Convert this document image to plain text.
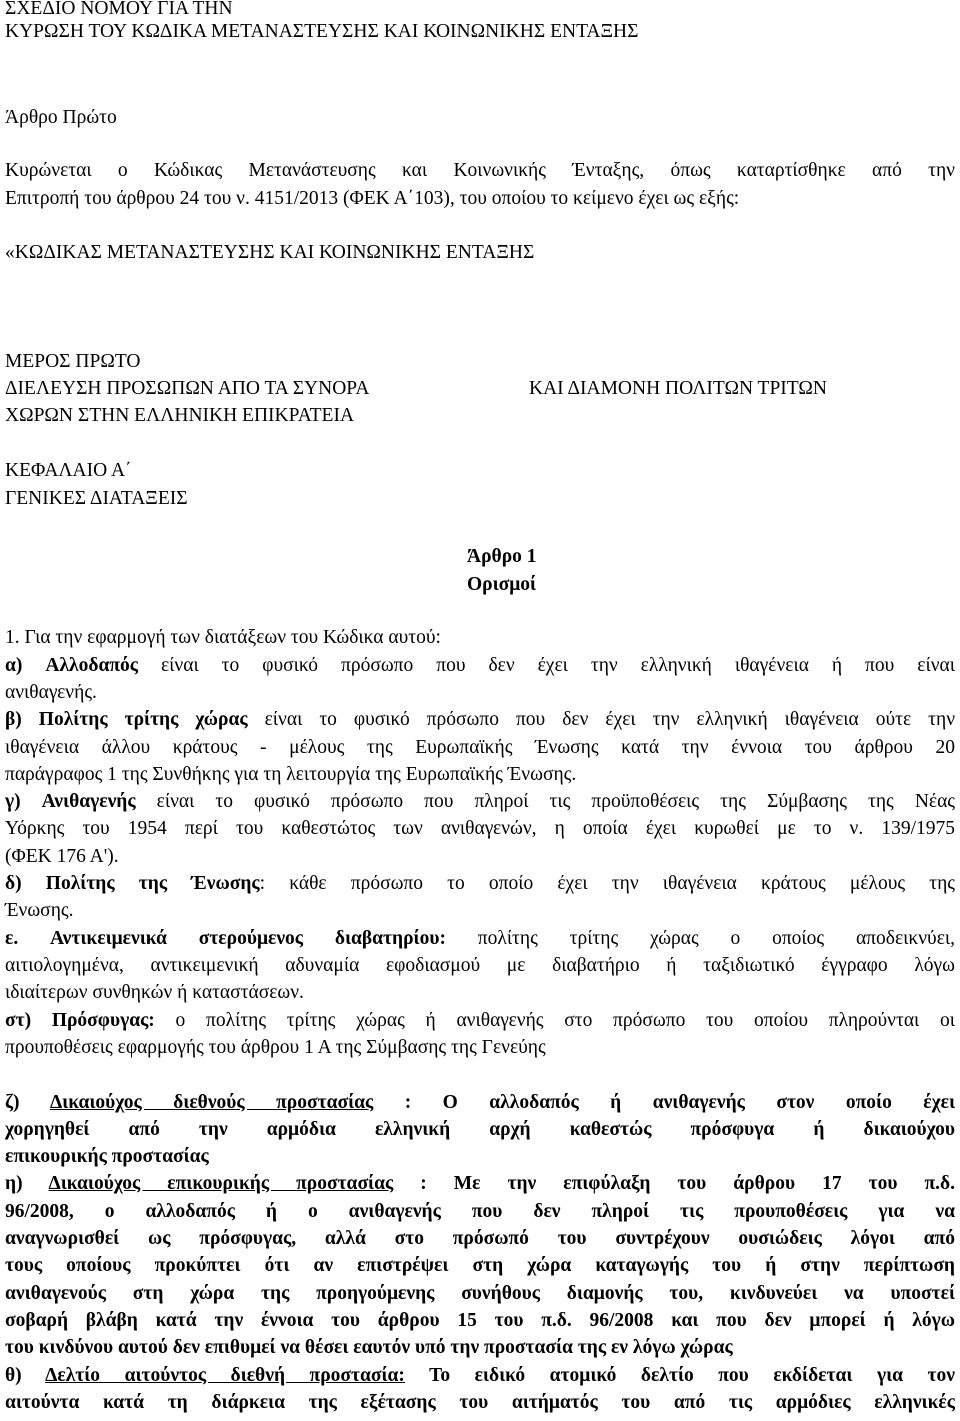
ΣΧΕΔΙΟ ΝΟΜΟΥ ΓΙΑ ΤΗΝ
ΚΥΡΩΣΗ ΤΟΥ ΚΩΔΙΚΑ ΜΕΤΑΝΑΣΤΕΥΣΗΣ ΚΑΙ ΚΟΙΝΩΝΙΚΗΣ ΕΝΤΑΞΗΣ
Άρθρο Πρώτο
Κυρώνεται ο Κώδικας Μετανάστευσης και Κοινωνικής Ένταξης, όπως καταρτίσθηκε από την
Επιτροπή του άρθρου 24 του ν. 4151/2013 (ΦΕΚ Α΄103), του οποίου το κείμενο έχει ως εξής:
«ΚΩΔΙΚΑΣ ΜΕΤΑΝΑΣΤΕΥΣΗΣ ΚΑΙ ΚΟΙΝΩΝΙΚΗΣ ΕΝΤΑΞΗΣ
ΜΕΡΟΣ ΠΡΩΤΟ
ΔΙΕΛΕΥΣΗ ΠΡΟΣΩΠΩΝ ΑΠΟ ΤΑ ΣΥΝΟΡΑ	ΚΑΙ ΔΙΑΜΟΝΗ ΠΟΛΙΤΩΝ ΤΡΙΤΩΝ
ΧΩΡΩΝ ΣΤΗΝ ΕΛΛΗΝΙΚΗ ΕΠΙΚΡΑΤΕΙΑ
ΚΕΦΑΛΑΙΟ Α΄
ΓΕΝΙΚΕΣ ΔΙΑΤΑΞΕΙΣ
Άρθρο 1
Ορισμοί
1. Για την εφαρμογή των διατάξεων του Κώδικα αυτού:
α) Αλλοδαπός είναι το φυσικό πρόσωπο που δεν έχει την ελληνική ιθαγένεια ή που είναι
ανιθαγενής.
β) Πολίτης τρίτης χώρας είναι το φυσικό πρόσωπο που δεν έχει την ελληνική ιθαγένεια ούτε την
ιθαγένεια άλλου κράτους - μέλους της Ευρωπαϊκής Ένωσης κατά την έννοια του άρθρου 20
παράγραφος 1 της Συνθήκης για τη λειτουργία της Ευρωπαϊκής Ένωσης.
γ) Ανιθαγενής είναι το φυσικό πρόσωπο που πληροί τις προϋποθέσεις της Σύμβασης της Νέας
Υόρκης του 1954 περί του καθεστώτος των ανιθαγενών, η οποία έχει κυρωθεί με το ν. 139/1975
(ΦΕΚ 176 Α').
δ) Πολίτης της Ένωσης: κάθε πρόσωπο το οποίο έχει την ιθαγένεια κράτους μέλους της
Ένωσης.
ε. Αντικειμενικά στερούμενος διαβατηρίου: πολίτης τρίτης χώρας ο οποίος αποδεικνύει,
αιτιολογημένα, αντικειμενική αδυναμία εφοδιασμού με διαβατήριο ή ταξιδιωτικό έγγραφο λόγω
ιδιαίτερων συνθηκών ή καταστάσεων.
στ) Πρόσφυγας: ο πολίτης τρίτης χώρας ή ανιθαγενής στο πρόσωπο του οποίου πληρούνται οι
προυποθέσεις εφαρμογής του άρθρου 1 Α της Σύμβασης της Γενεύης
ζ) Δικαιούχος διεθνούς προστασίας : Ο αλλοδαπός ή ανιθαγενής στον οποίο έχει
χορηγηθεί από την αρμόδια ελληνική αρχή καθεστώς πρόσφυγα ή δικαιούχου
επικουρικής προστασίας
η) Δικαιούχος επικουρικής προστασίας : Με την επιφύλαξη του άρθρου 17 του π.δ.
96/2008, ο αλλοδαπός ή ο ανιθαγενής που δεν πληροί τις προυποθέσεις για να
αναγνωρισθεί ως πρόσφυγας, αλλά στο πρόσωπό του συντρέχουν ουσιώδεις λόγοι από
τους οποίους προκύπτει ότι αν επιστρέψει στη χώρα καταγωγής του ή στην περίπτωση
ανιθαγενούς στη χώρα της προηγούμενης συνήθους διαμονής του, κινδυνεύει να υποστεί
σοβαρή βλάβη κατά την έννοια του άρθρου 15 του π.δ. 96/2008 και που δεν μπορεί ή λόγω
του κινδύνου αυτού δεν επιθυμεί να θέσει εαυτόν υπό την προστασία της εν λόγω χώρας
θ) Δελτίο αιτούντος διεθνή προστασία: Το ειδικό ατομικό δελτίο που εκδίδεται για τον
αιτούντα κατά τη διάρκεια της εξέτασης του αιτήματός του από τις αρμόδιες ελληνικές
